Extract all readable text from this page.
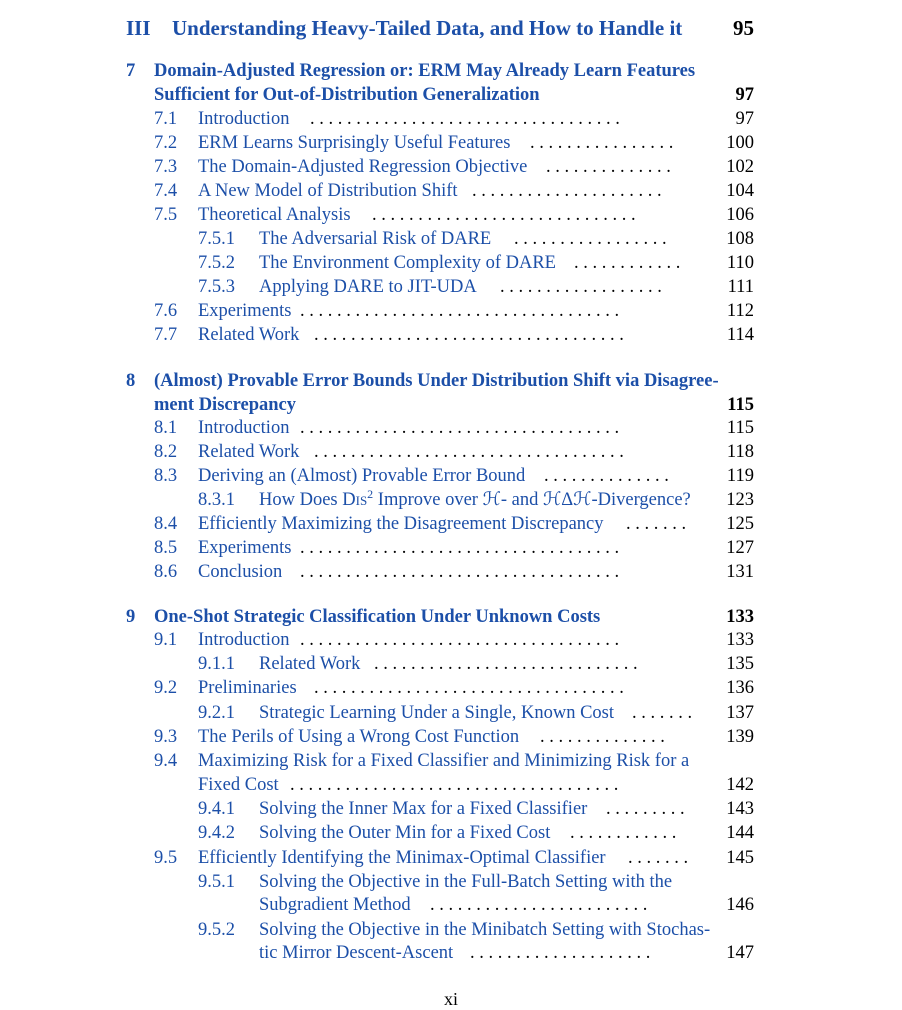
III Understanding Heavy-Tailed Data, and How to Handle it 95
7 Domain-Adjusted Regression or: ERM May Already Learn Features
Sufficient for Out-of-Distribution Generalization	97
7.1 Introduction . . . . . . . . . . . . . . . . . . . . . . . . . . . . . . . . . .	97
7.2 ERM Learns Surprisingly Useful Features . . . . . . . . . . . . . . . .	100
7.3 The Domain-Adjusted Regression Objective . . . . . . . . . . . . . .	102
7.4 A New Model of Distribution Shift . . . . . . . . . . . . . . . . . . . . .	104
7.5 Theoretical Analysis . . . . . . . . . . . . . . . . . . . . . . . . . . . . .	106
7.5.1 The Adversarial Risk of DARE . . . . . . . . . . . . . . . . .	108
7.5.2 The Environment Complexity of DARE . . . . . . . . . . . .	110
7.5.3 Applying DARE to JIT-UDA . . . . . . . . . . . . . . . . . .	111
7.6 Experiments . . . . . . . . . . . . . . . . . . . . . . . . . . . . . . . . . . .	112
7.7 Related Work . . . . . . . . . . . . . . . . . . . . . . . . . . . . . . . . . .	114
8 (Almost) Provable Error Bounds Under Distribution Shift via Disagree-
ment Discrepancy	115
8.1 Introduction . . . . . . . . . . . . . . . . . . . . . . . . . . . . . . . . . . .	115
8.2 Related Work . . . . . . . . . . . . . . . . . . . . . . . . . . . . . . . . . .	118
8.3 Deriving an (Almost) Provable Error Bound . . . . . . . . . . . . . .	119
8.3.1 How Does Dis$^2$ Improve over ℋ- and ℋΔℋ-Divergence? 123
8.4 Efficiently Maximizing the Disagreement Discrepancy . . . . . . .	125
8.5 Experiments . . . . . . . . . . . . . . . . . . . . . . . . . . . . . . . . . . .	127
8.6 Conclusion . . . . . . . . . . . . . . . . . . . . . . . . . . . . . . . . . . .	131
9 One-Shot Strategic Classification Under Unknown Costs	133
9.1 Introduction . . . . . . . . . . . . . . . . . . . . . . . . . . . . . . . . . . .	133
9.1.1 Related Work . . . . . . . . . . . . . . . . . . . . . . . . . . . . .	135
9.2 Preliminaries . . . . . . . . . . . . . . . . . . . . . . . . . . . . . . . . . .	136
9.2.1 Strategic Learning Under a Single, Known Cost . . . . . . .	137
9.3 The Perils of Using a Wrong Cost Function . . . . . . . . . . . . . .	139
9.4 Maximizing Risk for a Fixed Classifier and Minimizing Risk for a
Fixed Cost . . . . . . . . . . . . . . . . . . . . . . . . . . . . . . . . . . . .	142
9.4.1 Solving the Inner Max for a Fixed Classifier . . . . . . . . .	143
9.4.2 Solving the Outer Min for a Fixed Cost . . . . . . . . . . . .	144
9.5 Efficiently Identifying the Minimax-Optimal Classifier . . . . . . .	145
9.5.1 Solving the Objective in the Full-Batch Setting with the
Subgradient Method . . . . . . . . . . . . . . . . . . . . . . . .	146
9.5.2 Solving the Objective in the Minibatch Setting with Stochas-
tic Mirror Descent-Ascent . . . . . . . . . . . . . . . . . . . .	147
xi
